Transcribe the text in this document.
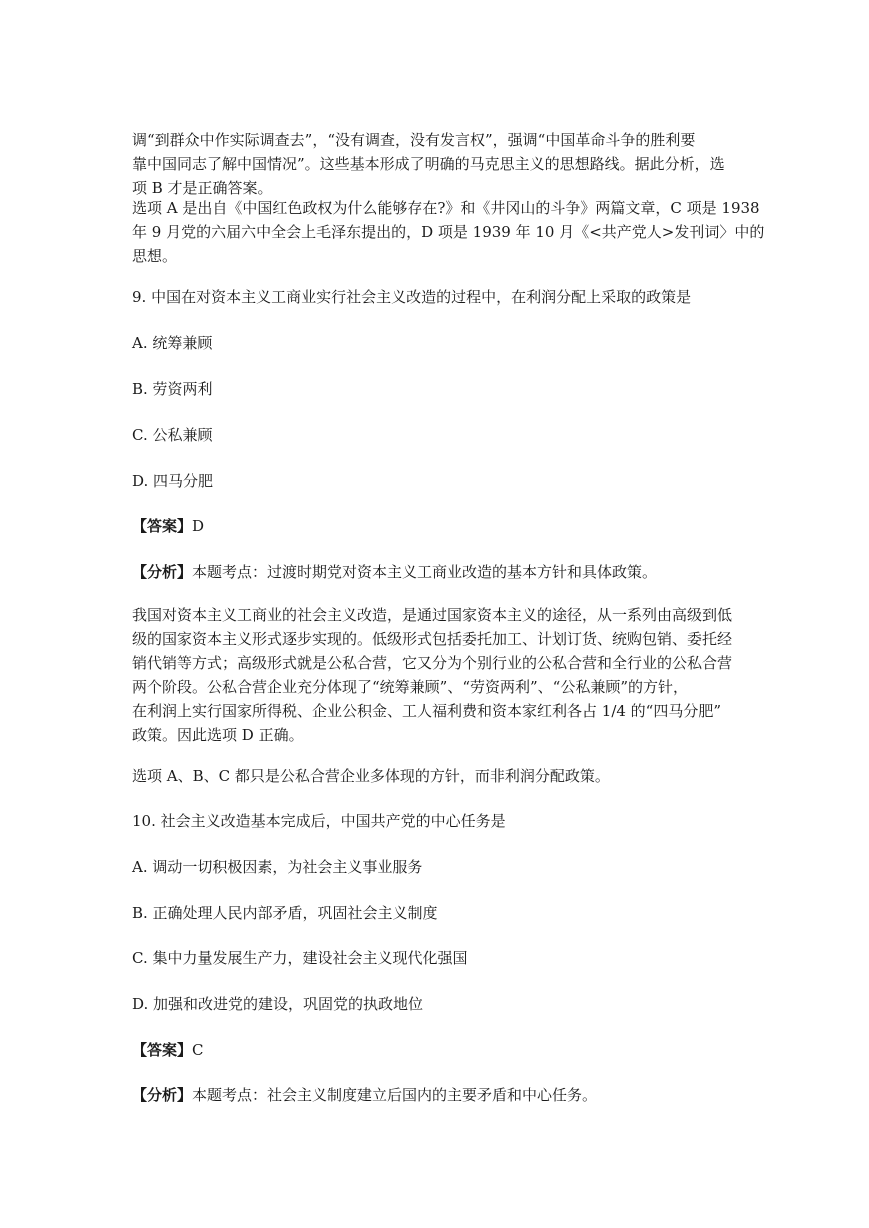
调“到群众中作实际调查去”，“没有调查，没有发言权”，强调“中国革命斗争的胜利要
靠中国同志了解中国情况”。这些基本形成了明确的马克思主义的思想路线。据此分析，选
项 B 才是正确答案。

选项 A 是出自《中国红色政权为什么能够存在?》和《井冈山的斗争》两篇文章，C 项是 1938
年 9 月党的六届六中全会上毛泽东提出的，D 项是 1939 年 10 月《<共产党人>发刊词〉中的
思想。

9. 中国在对资本主义工商业实行社会主义改造的过程中，在利润分配上采取的政策是

A. 统筹兼顾

B. 劳资两利

C. 公私兼顾

D. 四马分肥

【答案】D

【分析】本题考点：过渡时期党对资本主义工商业改造的基本方针和具体政策。

我国对资本主义工商业的社会主义改造，是通过国家资本主义的途径，从一系列由高级到低
级的国家资本主义形式逐步实现的。低级形式包括委托加工、计划订货、统购包销、委托经
销代销等方式；高级形式就是公私合营，它又分为个别行业的公私合营和全行业的公私合营
两个阶段。公私合营企业充分体现了“统筹兼顾”、“劳资两利”、“公私兼顾”的方针，
在利润上实行国家所得税、企业公积金、工人福利费和资本家红利各占 1/4 的“四马分肥”
政策。因此选项 D 正确。

选项 A、B、C 都只是公私合营企业多体现的方针，而非利润分配政策。

10. 社会主义改造基本完成后，中国共产党的中心任务是

A. 调动一切积极因素，为社会主义事业服务

B. 正确处理人民内部矛盾，巩固社会主义制度

C. 集中力量发展生产力，建设社会主义现代化强国

D. 加强和改进党的建设，巩固党的执政地位

【答案】C

【分析】本题考点：社会主义制度建立后国内的主要矛盾和中心任务。
